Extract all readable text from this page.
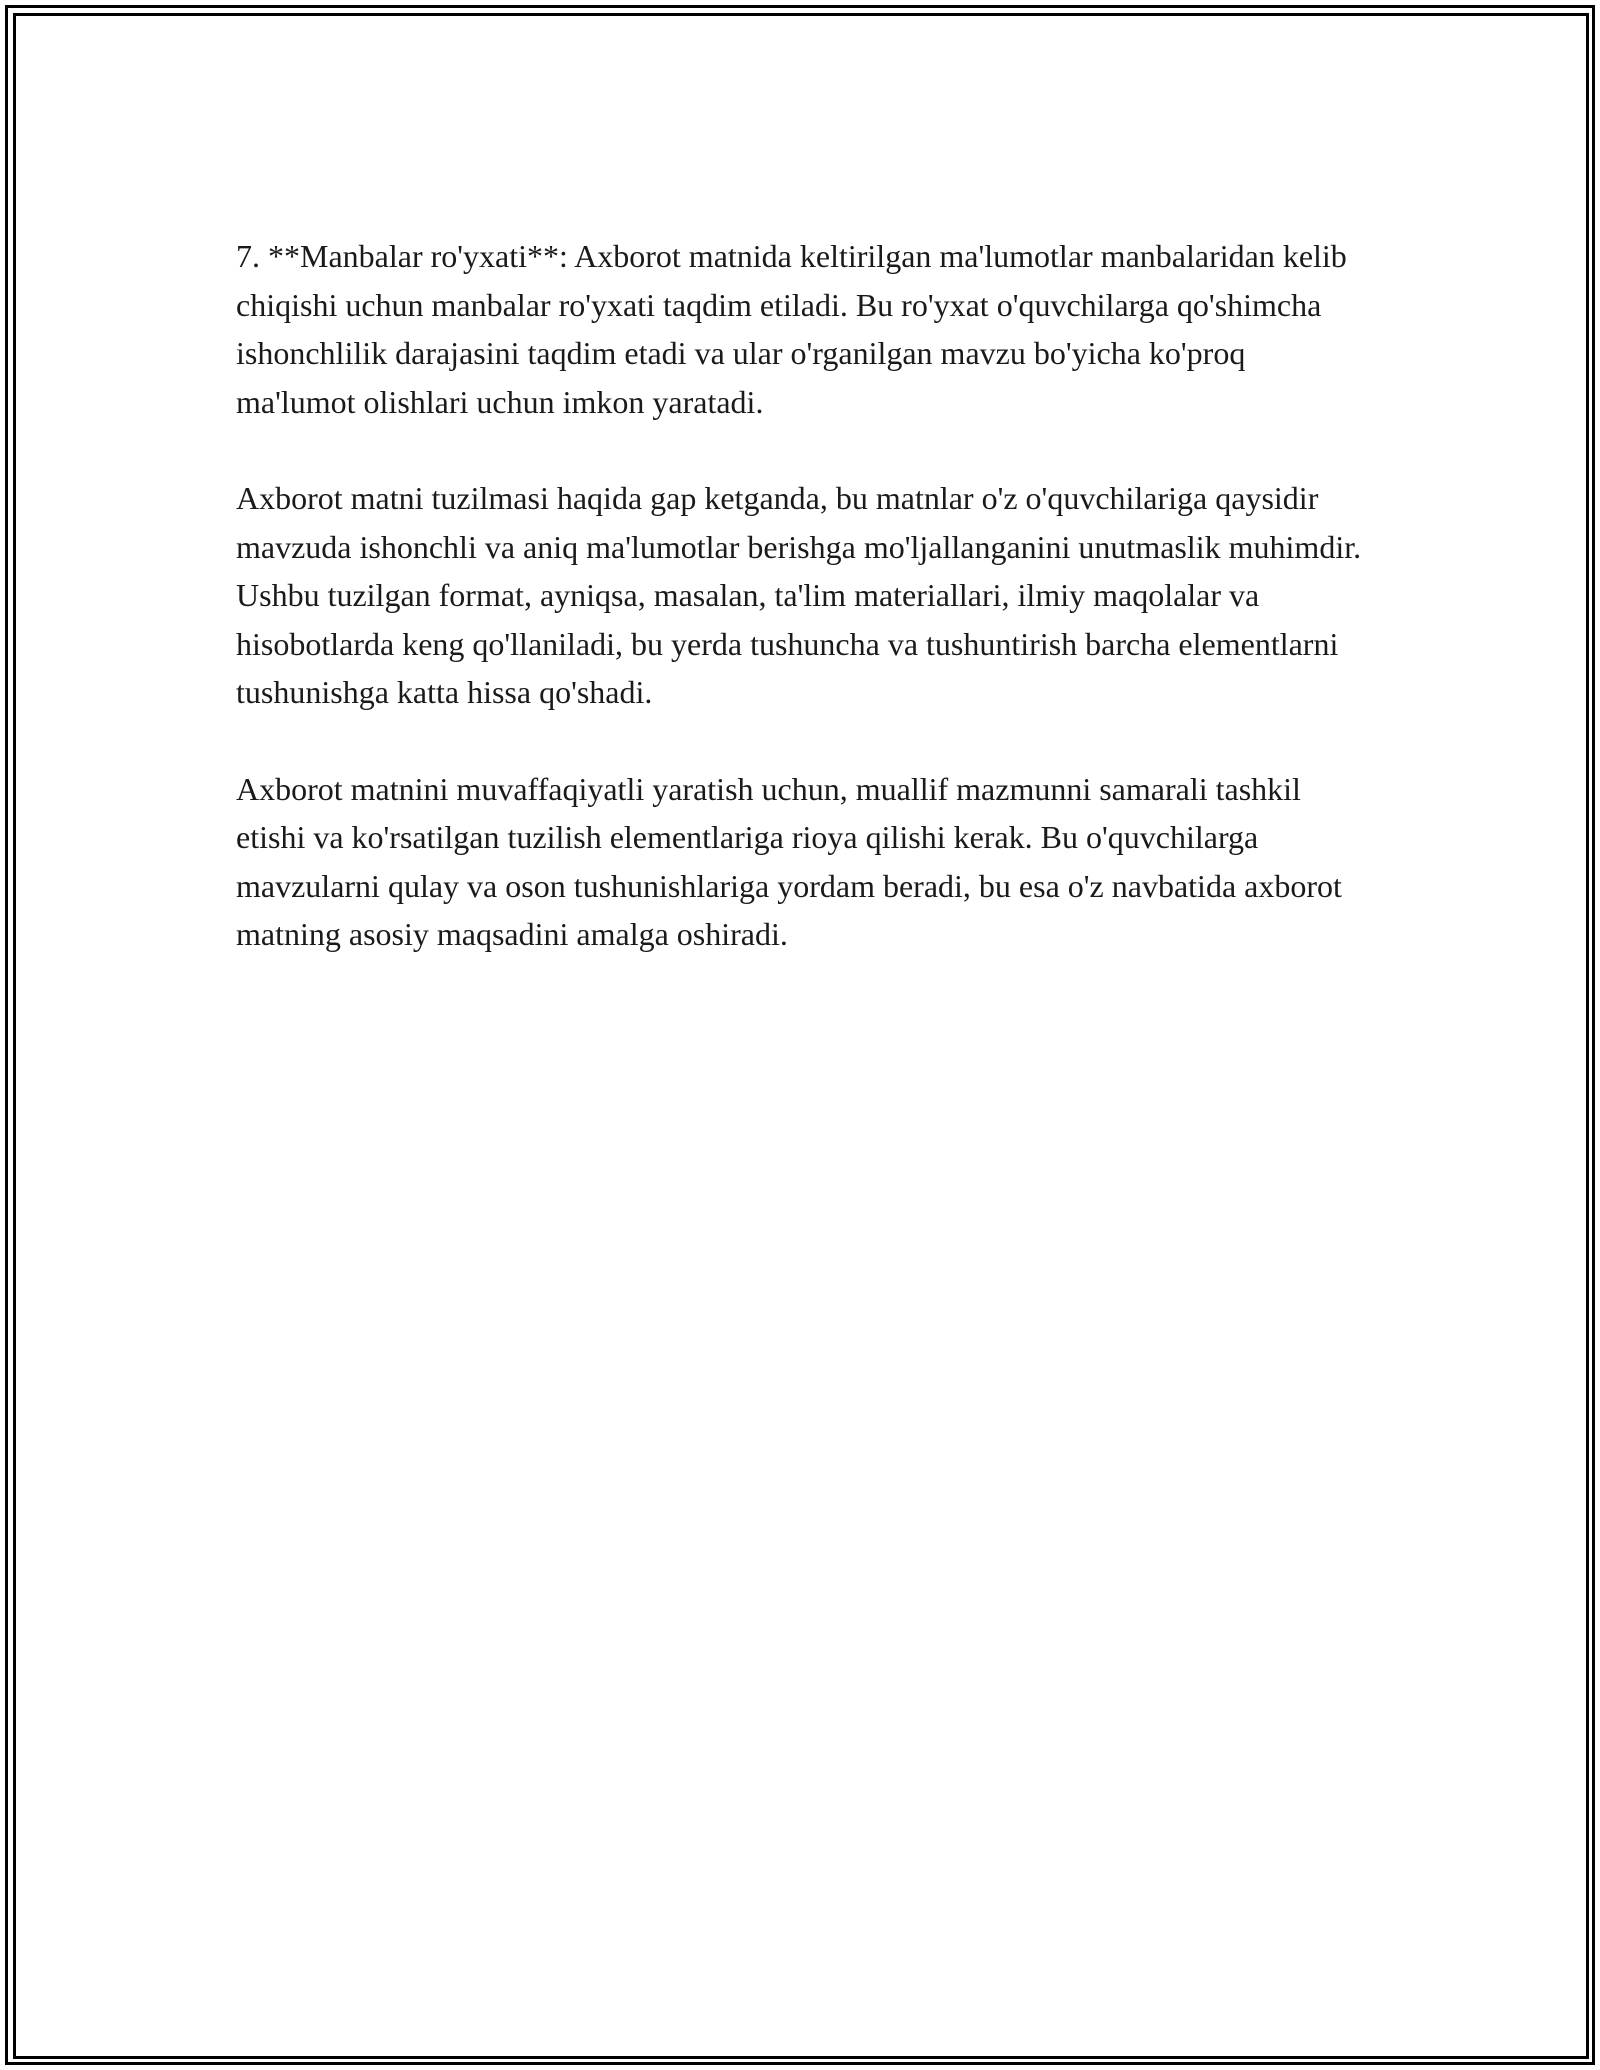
7. **Manbalar ro'yxati**: Axborot matnida keltirilgan ma'lumotlar manbalaridan kelib chiqishi uchun manbalar ro'yxati taqdim etiladi. Bu ro'yxat o'quvchilarga qo'shimcha ishonchlilik darajasini taqdim etadi va ular o'rganilgan mavzu bo'yicha ko'proq ma'lumot olishlari uchun imkon yaratadi.

Axborot matni tuzilmasi haqida gap ketganda, bu matnlar o'z o'quvchilariga qaysidir mavzuda ishonchli va aniq ma'lumotlar berishga mo'ljallanganini unutmaslik muhimdir. Ushbu tuzilgan format, ayniqsa, masalan, ta'lim materiallari, ilmiy maqolalar va hisobotlarda keng qo'llaniladi, bu yerda tushuncha va tushuntirish barcha elementlarni tushunishga katta hissa qo'shadi.

Axborot matnini muvaffaqiyatli yaratish uchun, muallif mazmunni samarali tashkil etishi va ko'rsatilgan tuzilish elementlariga rioya qilishi kerak. Bu o'quvchilarga mavzularni qulay va oson tushunishlariga yordam beradi, bu esa o'z navbatida axborot matning asosiy maqsadini amalga oshiradi.
